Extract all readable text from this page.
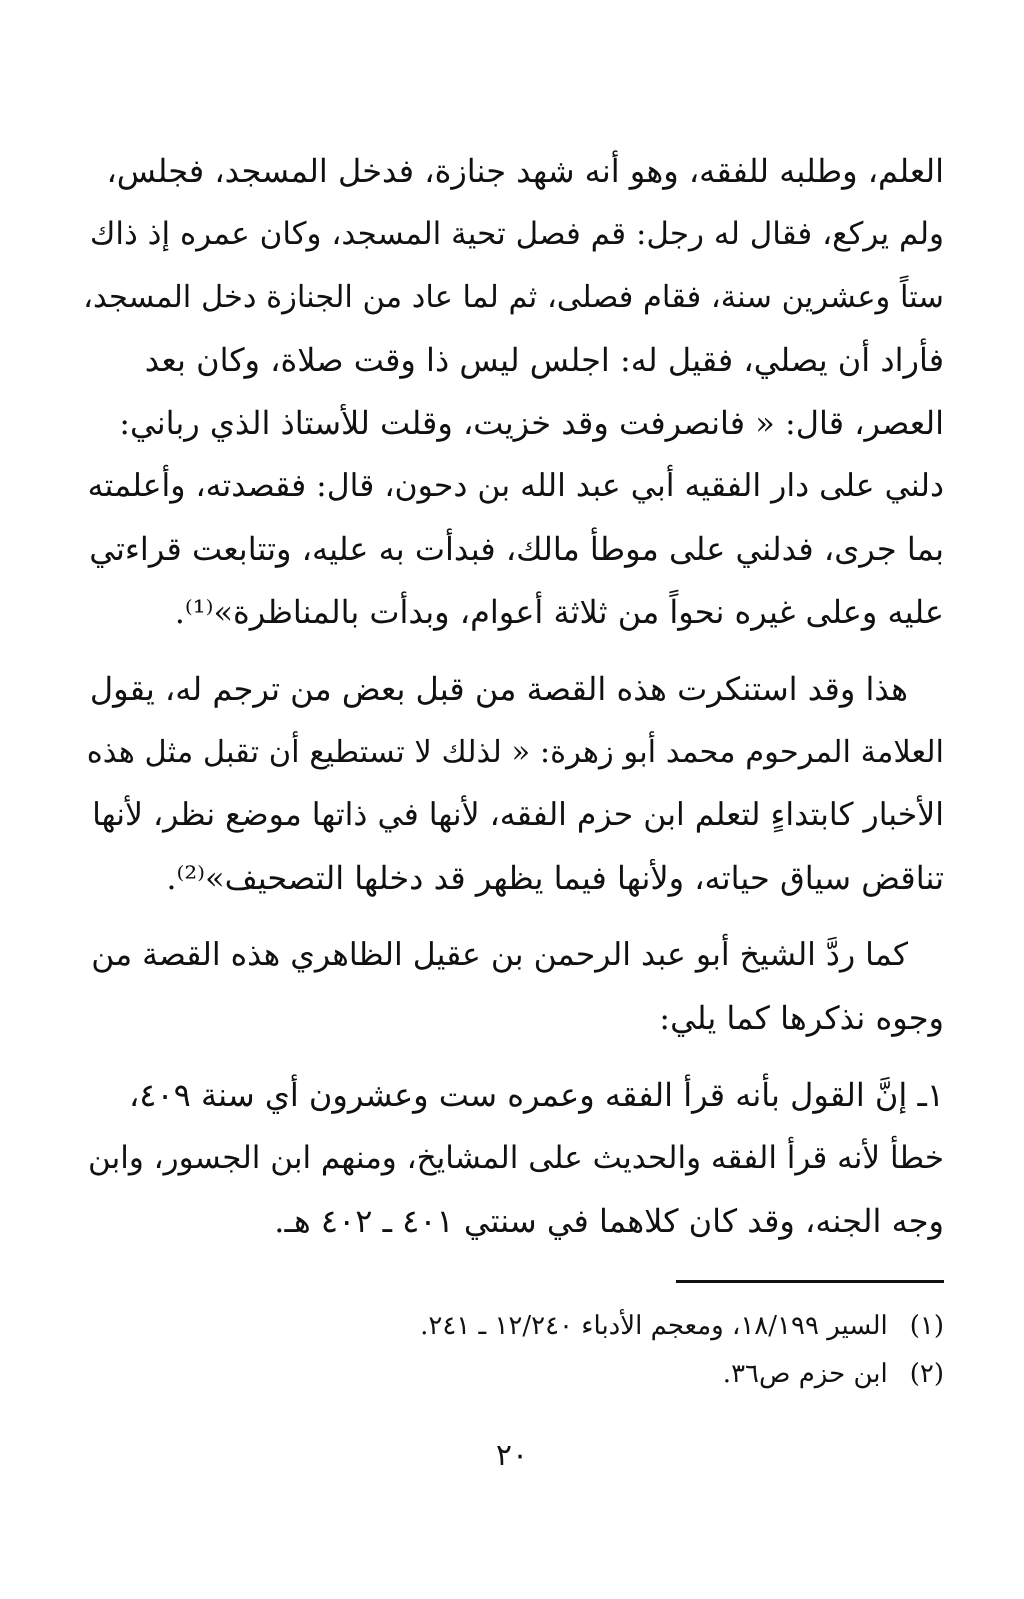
العلم، وطلبه للفقه، وهو أنه شهد جنازة، فدخل المسجد، فجلس،
ولم يركع، فقال له رجل: قم فصل تحية المسجد، وكان عمره إذ ذاك
ستاً وعشرين سنة، فقام فصلى، ثم لما عاد من الجنازة دخل المسجد،
فأراد أن يصلي، فقيل له: اجلس ليس ذا وقت صلاة، وكان بعد
العصر، قال: « فانصرفت وقد خزيت، وقلت للأستاذ الذي رباني:
دلني على دار الفقيه أبي عبد الله بن دحون، قال: فقصدته، وأعلمته
بما جرى، فدلني على موطأ مالك، فبدأت به عليه، وتتابعت قراءتي
عليه وعلى غيره نحواً من ثلاثة أعوام، وبدأت بالمناظرة»⁽¹⁾.
هذا وقد استنكرت هذه القصة من قبل بعض من ترجم له، يقول
العلامة المرحوم محمد أبو زهرة: « لذلك لا تستطيع أن تقبل مثل هذه
الأخبار كابتداءٍ لتعلم ابن حزم الفقه، لأنها في ذاتها موضع نظر، لأنها
تناقض سياق حياته، ولأنها فيما يظهر قد دخلها التصحيف»⁽²⁾.
كما ردَّ الشيخ أبو عبد الرحمن بن عقيل الظاهري هذه القصة من
وجوه نذكرها كما يلي:
١ـ إنَّ القول بأنه قرأ الفقه وعمره ست وعشرون أي سنة ٤٠٩،
خطأ لأنه قرأ الفقه والحديث على المشايخ، ومنهم ابن الجسور، وابن
وجه الجنه، وقد كان كلاهما في سنتي ٤٠١ ـ ٤٠٢ هـ.
(١) السير ١٨/١٩٩، ومعجم الأدباء ١٢/٢٤٠ ـ ٢٤١.
(٢) ابن حزم ص٣٦.
٢٠
